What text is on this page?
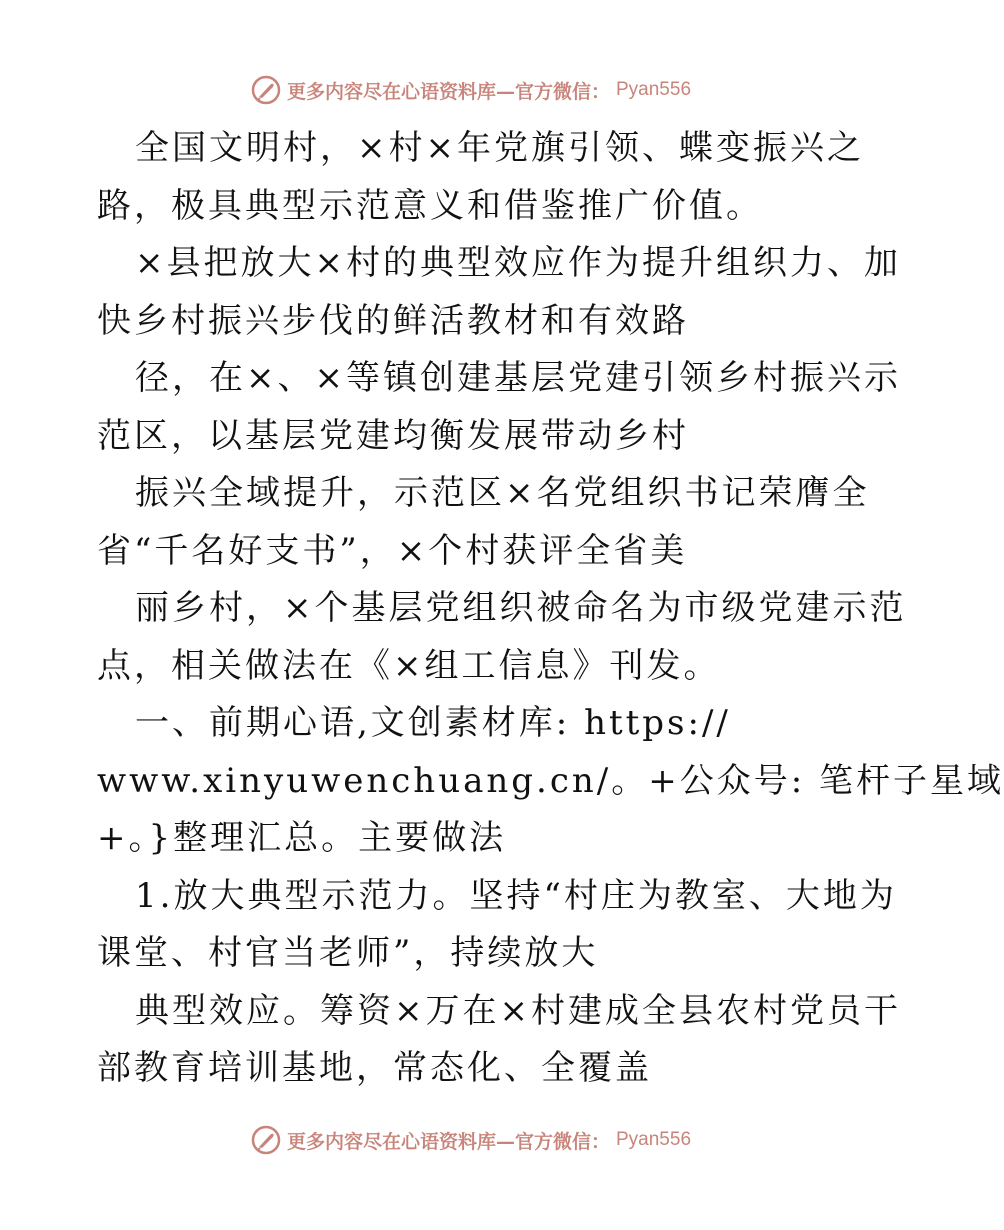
更多内容尽在心语资料库—官方微信： Pyan556
全国文明村，×村×年党旗引领、蝶变振兴之
路，极具典型示范意义和借鉴推广价值。
×县把放大×村的典型效应作为提升组织力、加
快乡村振兴步伐的鲜活教材和有效路
径，在×、×等镇创建基层党建引领乡村振兴示
范区，以基层党建均衡发展带动乡村
振兴全域提升，示范区×名党组织书记荣膺全
省“千名好支书”，×个村获评全省美
丽乡村，×个基层党组织被命名为市级党建示范
点，相关做法在《×组工信息》刊发。
一、前期心语,文创素材库: https://
www.xinyuwenchuang.cn/。+公众号: 笔杆子星域
+。}整理汇总。主要做法
1.放大典型示范力。坚持“村庄为教室、大地为
课堂、村官当老师”，持续放大
典型效应。筹资×万在×村建成全县农村党员干
部教育培训基地，常态化、全覆盖
更多内容尽在心语资料库—官方微信： Pyan556
